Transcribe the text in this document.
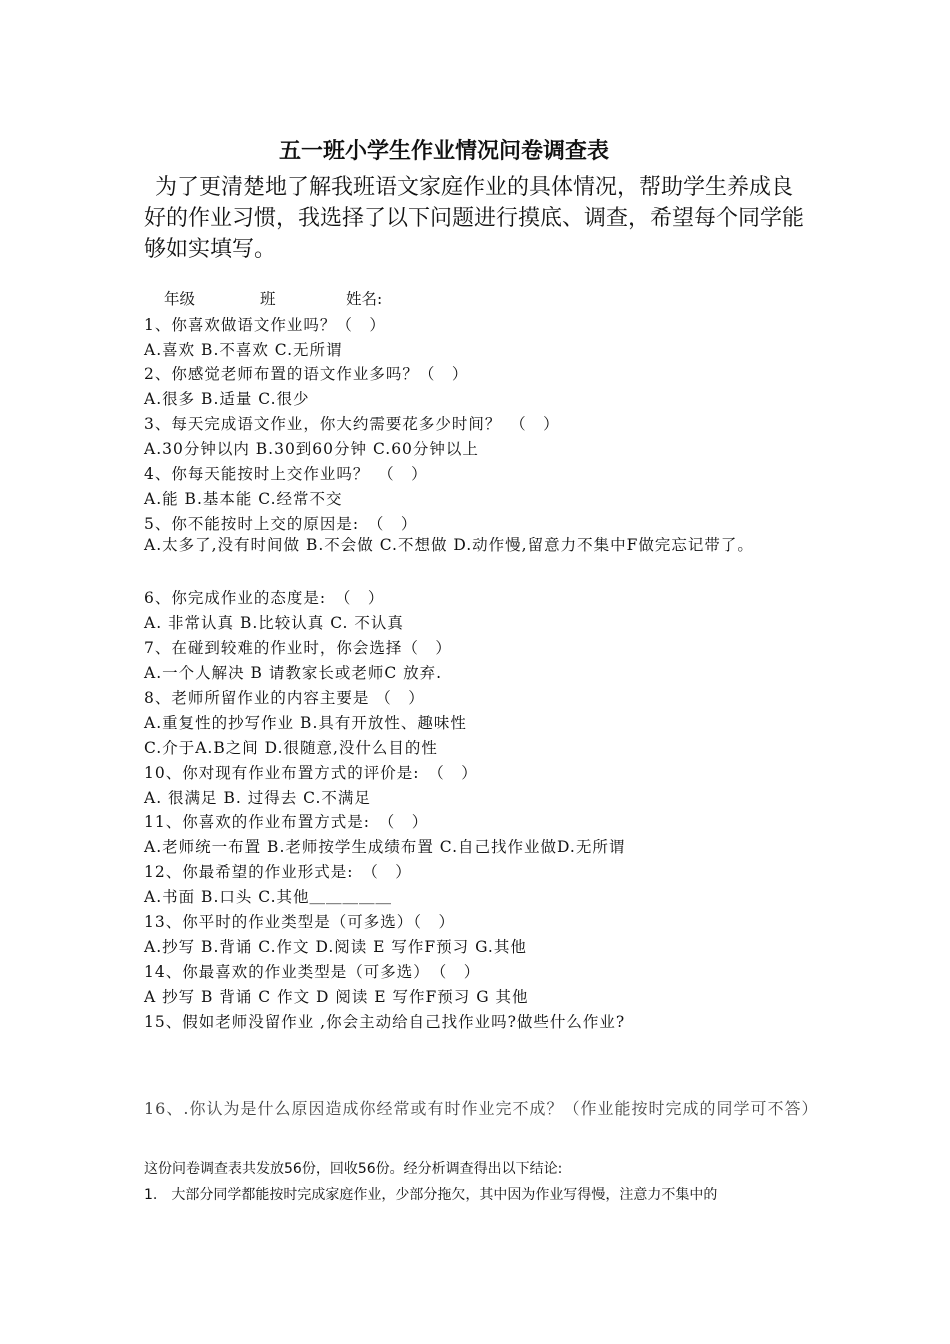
五一班小学生作业情况问卷调查表
为了更清楚地了解我班语文家庭作业的具体情况，帮助学生养成良好的作业习惯，我选择了以下问题进行摸底、调查，希望每个同学能够如实填写。
年级	班	姓名:
1、你喜欢做语文作业吗？（　）
A.喜欢 B.不喜欢 C.无所谓
2、你感觉老师布置的语文作业多吗？（　）
A.很多 B.适量 C.很少
3、每天完成语文作业，你大约需要花多少时间？　（　）
A.30分钟以内 B.30到60分钟 C.60分钟以上
4、你每天能按时上交作业吗？　（　）
A.能 B.基本能 C.经常不交
5、你不能按时上交的原因是:　（　）
A.太多了,没有时间做 B.不会做 C.不想做 D.动作慢,留意力不集中F做完忘记带了。
6、你完成作业的态度是:　（　）
A. 非常认真 B.比较认真 C. 不认真
7、在碰到较难的作业时，你会选择（　）
A.一个人解决 B 请教家长或老师C 放弃.
8、老师所留作业的内容主要是 （　）
A.重复性的抄写作业 B.具有开放性、趣味性
C.介于A.B之间 D.很随意,没什么目的性
10、你对现有作业布置方式的评价是:　（　）
A. 很满足 B. 过得去 C.不满足
11、你喜欢的作业布置方式是:　（　）
A.老师统一布置 B.老师按学生成绩布置 C.自己找作业做D.无所谓
12、你最希望的作业形式是:　（　）
A.书面 B.口头 C.其他＿＿＿＿＿
13、你平时的作业类型是（可多选）（　）
A.抄写 B.背诵 C.作文 D.阅读 E 写作F预习 G.其他
14、你最喜欢的作业类型是（可多选）　（　）
A 抄写 B 背诵 C 作文 D 阅读 E 写作F预习 G 其他
15、假如老师没留作业 ,你会主动给自己找作业吗?做些什么作业?
16、.你认为是什么原因造成你经常或有时作业完不成？（作业能按时完成的同学可不答）
这份问卷调查表共发放56份，回收56份。经分析调查得出以下结论:
1.　大部分同学都能按时完成家庭作业，少部分拖欠，其中因为作业写得慢，注意力不集中的
